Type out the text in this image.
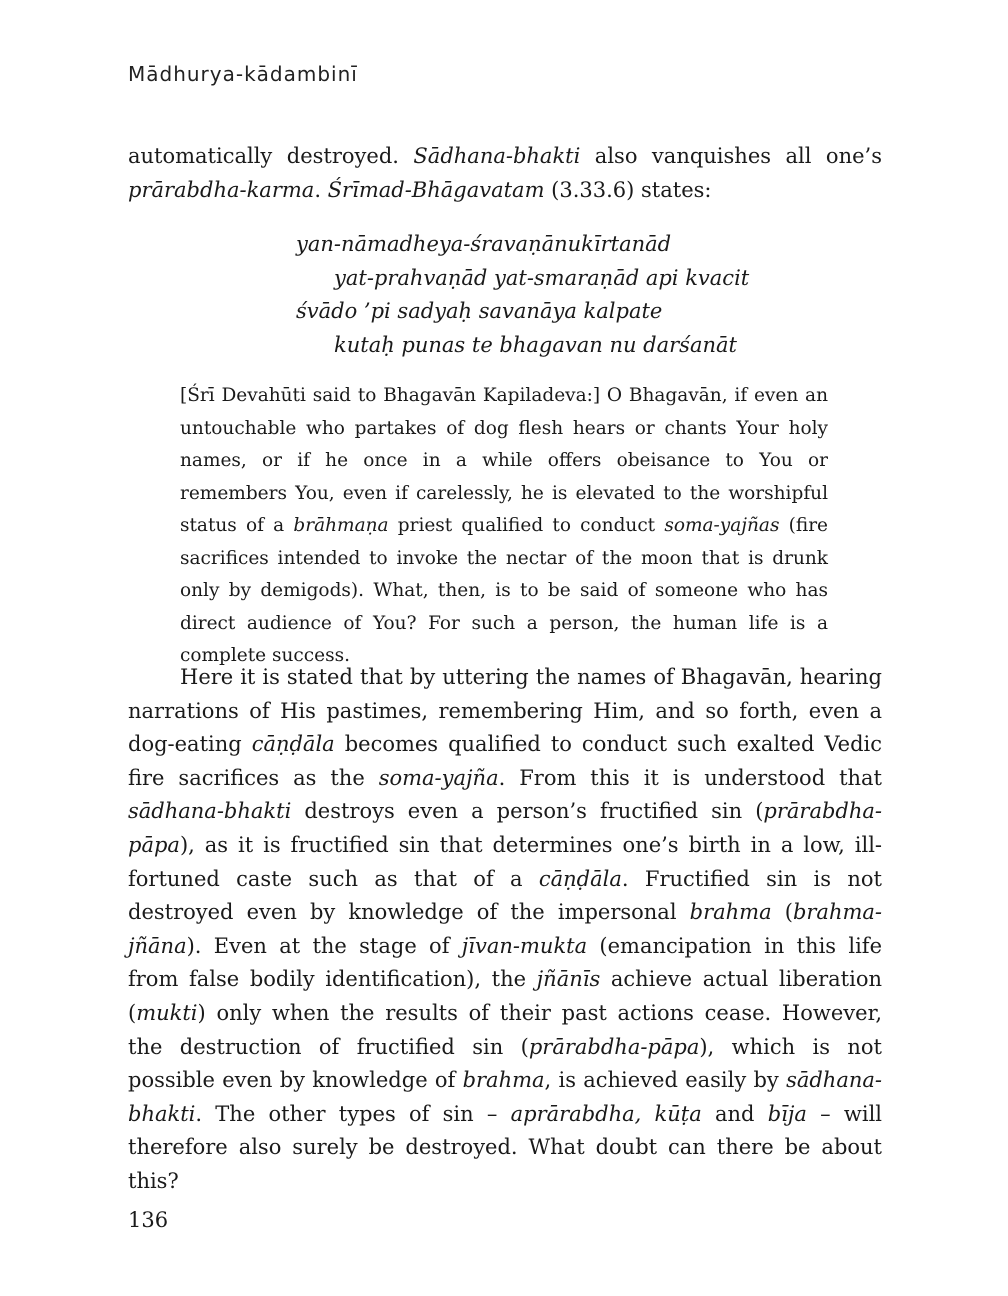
Mādhurya-kādambinī

automatically destroyed. Sādhana-bhakti also vanquishes all one’s prārabdha-karma. Śrīmad-Bhāgavatam (3.33.6) states:

yan-nāmadheya-śravaṇānukīrtanād
yat-prahvaṇād yat-smaraṇād api kvacit
śvādo ’pi sadyaḥ savanāya kalpate
kutaḥ punas te bhagavan nu darśanāt

[Śrī Devahūti said to Bhagavān Kapiladeva:] O Bhagavān, if even an untouchable who partakes of dog flesh hears or chants Your holy names, or if he once in a while offers obeisance to You or remembers You, even if carelessly, he is elevated to the worshipful status of a brāhmaṇa priest qualified to conduct soma-yajñas (fire sacrifices intended to invoke the nectar of the moon that is drunk only by demigods). What, then, is to be said of someone who has direct audience of You? For such a person, the human life is a complete success.

Here it is stated that by uttering the names of Bhagavān, hearing narrations of His pastimes, remembering Him, and so forth, even a dog-eating cāṇḍāla becomes qualified to conduct such exalted Vedic fire sacrifices as the soma-yajña. From this it is understood that sādhana-bhakti destroys even a person’s fructified sin (prārabdha-pāpa), as it is fructified sin that determines one’s birth in a low, ill-fortuned caste such as that of a cāṇḍāla. Fructified sin is not destroyed even by knowledge of the impersonal brahma (brahma-jñāna). Even at the stage of jīvan-mukta (emancipation in this life from false bodily identification), the jñānīs achieve actual liberation (mukti) only when the results of their past actions cease. However, the destruction of fructified sin (prārabdha-pāpa), which is not possible even by knowledge of brahma, is achieved easily by sādhana-bhakti. The other types of sin – aprārabdha, kūṭa and bīja – will therefore also surely be destroyed. What doubt can there be about this?

136
